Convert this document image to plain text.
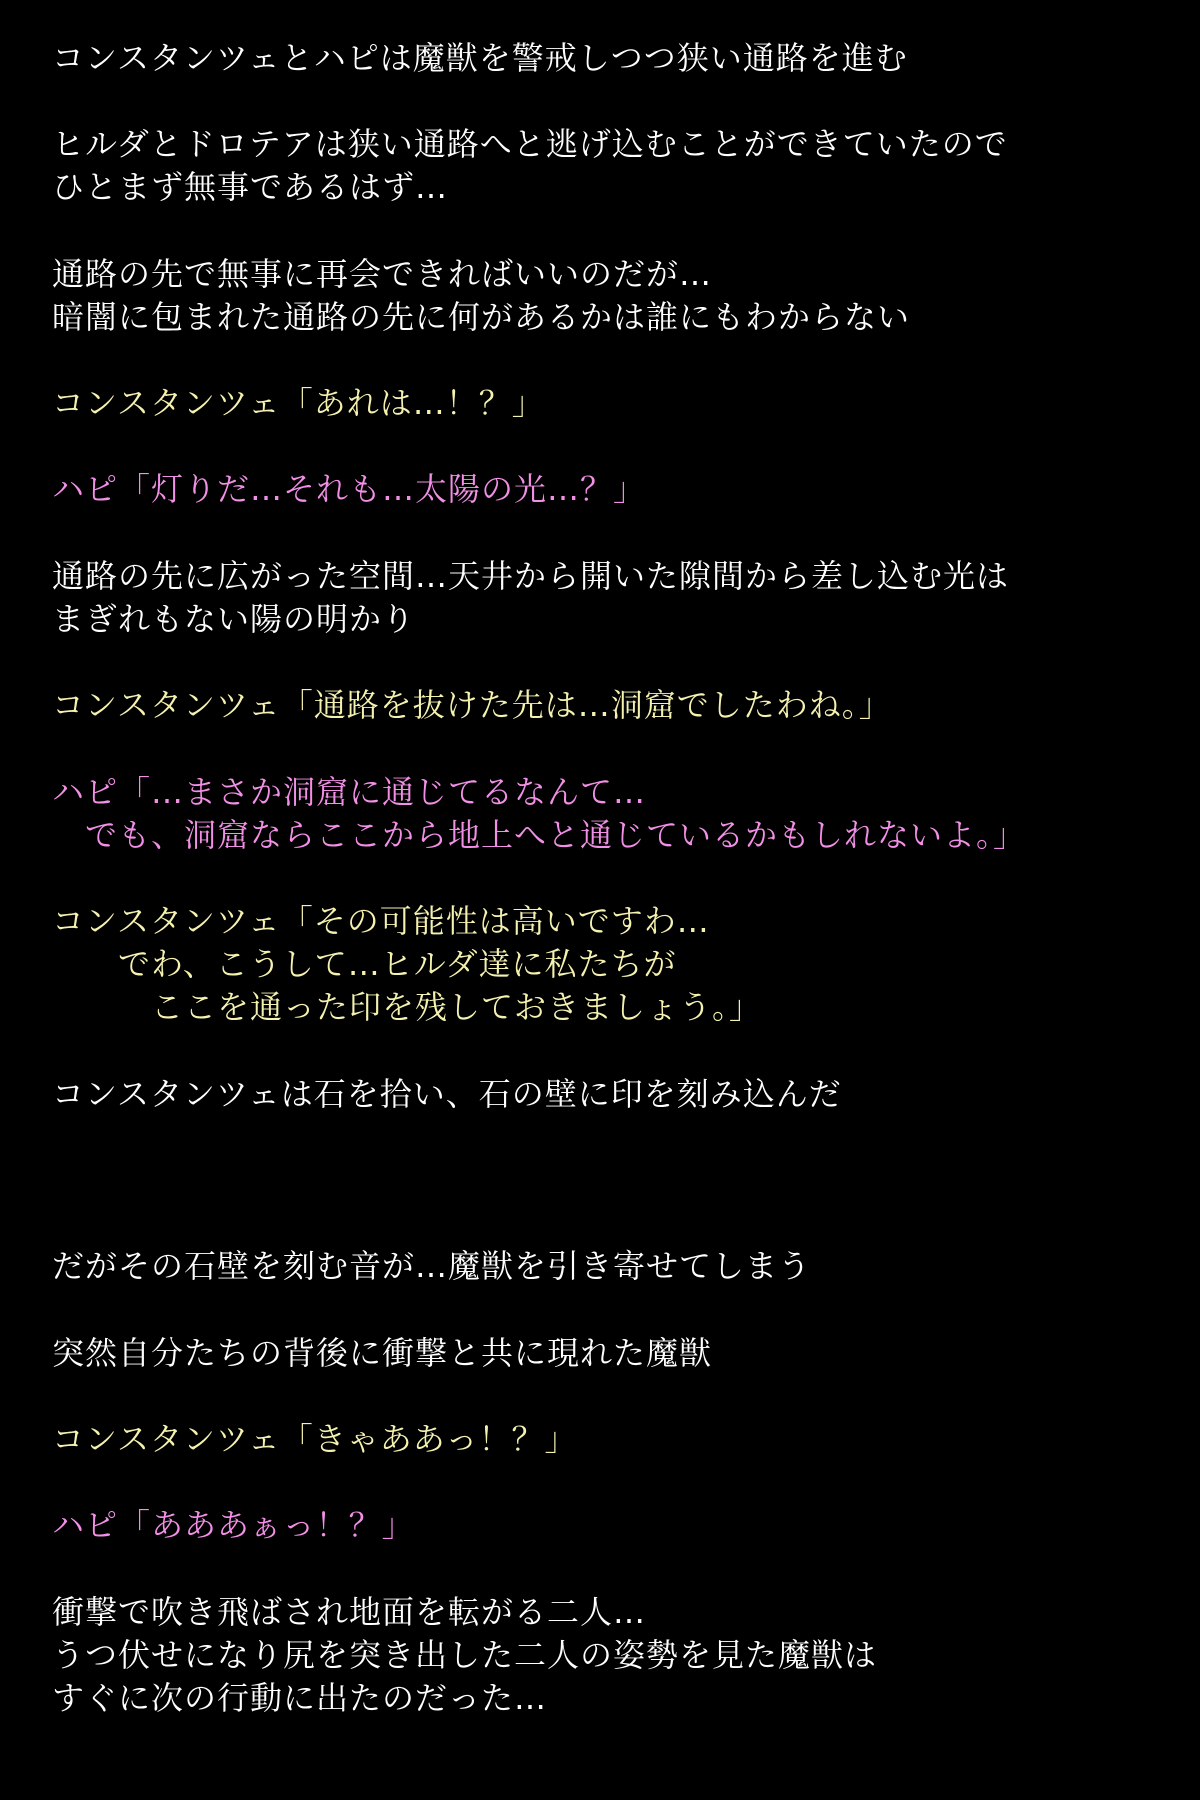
コンスタンツェとハピは魔獣を警戒しつつ狭い通路を進む

ヒルダとドロテアは狭い通路へと逃げ込むことができていたので

ひとまず無事であるはず…

通路の先で無事に再会できればいいのだが…

暗闇に包まれた通路の先に何があるかは誰にもわからない

コンスタンツェ「あれは…！？」

ハピ「灯りだ…それも…太陽の光…？」

通路の先に広がった空間…天井から開いた隙間から差し込む光は

まぎれもない陽の明かり

コンスタンツェ「通路を抜けた先は…洞窟でしたわね。」

ハピ「…まさか洞窟に通じてるなんて…

　でも、洞窟ならここから地上へと通じているかもしれないよ。」

コンスタンツェ「その可能性は高いですわ…

　　でわ、こうして…ヒルダ達に私たちが

　　　ここを通った印を残しておきましょう。」

コンスタンツェは石を拾い、石の壁に印を刻み込んだ

だがその石壁を刻む音が…魔獣を引き寄せてしまう

突然自分たちの背後に衝撃と共に現れた魔獣

コンスタンツェ「きゃああっ！？」

ハピ「あああぁっ！？」

衝撃で吹き飛ばされ地面を転がる二人…

うつ伏せになり尻を突き出した二人の姿勢を見た魔獣は

すぐに次の行動に出たのだった…
